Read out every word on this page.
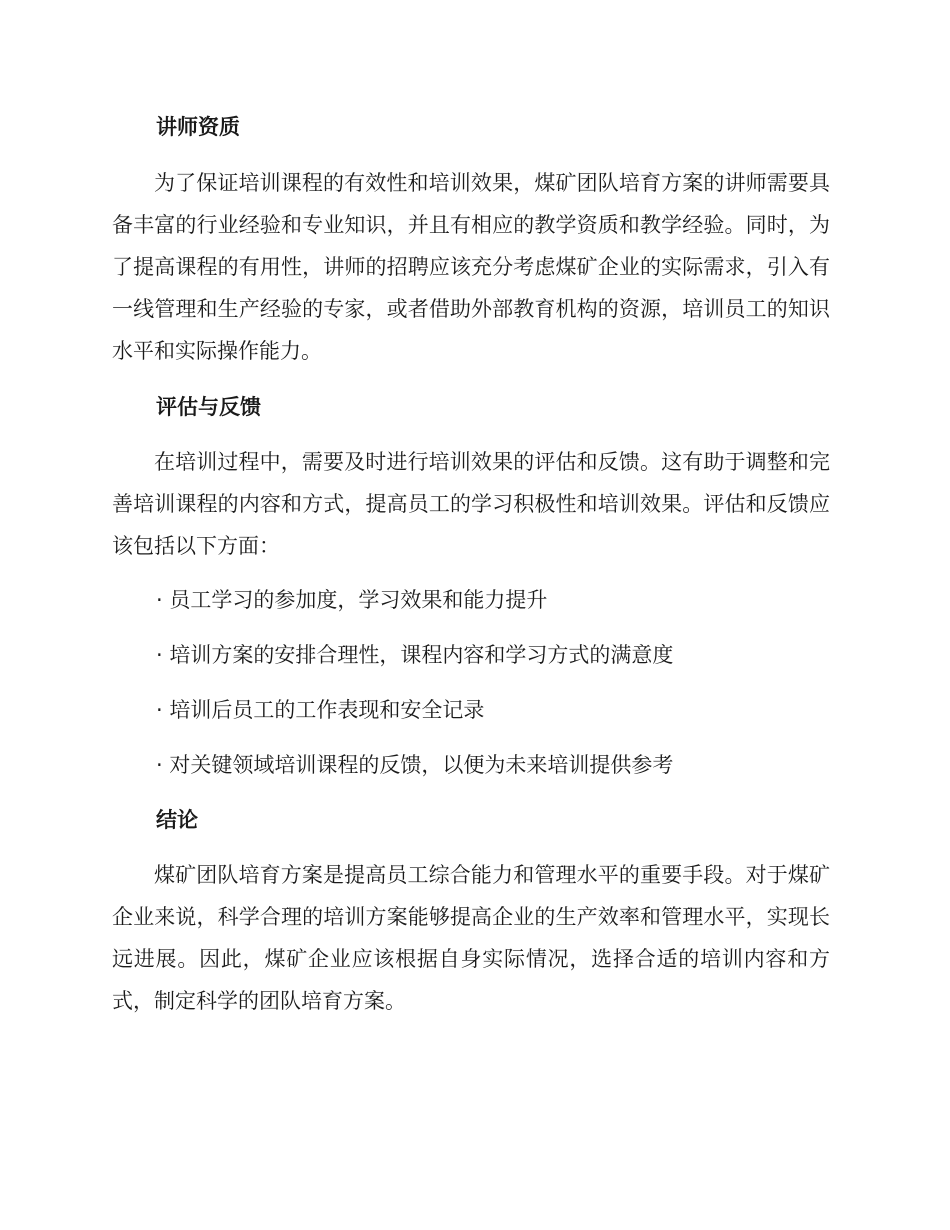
讲师资质
为了保证培训课程的有效性和培训效果，煤矿团队培育方案的讲师需要具备丰富的行业经验和专业知识，并且有相应的教学资质和教学经验。同时，为了提高课程的有用性，讲师的招聘应该充分考虑煤矿企业的实际需求，引入有一线管理和生产经验的专家，或者借助外部教育机构的资源，培训员工的知识水平和实际操作能力。
评估与反馈
在培训过程中，需要及时进行培训效果的评估和反馈。这有助于调整和完善培训课程的内容和方式，提高员工的学习积极性和培训效果。评估和反馈应该包括以下方面：
· 员工学习的参加度，学习效果和能力提升
· 培训方案的安排合理性，课程内容和学习方式的满意度
· 培训后员工的工作表现和安全记录
· 对关键领域培训课程的反馈，以便为未来培训提供参考
结论
煤矿团队培育方案是提高员工综合能力和管理水平的重要手段。对于煤矿企业来说，科学合理的培训方案能够提高企业的生产效率和管理水平，实现长远进展。因此，煤矿企业应该根据自身实际情况，选择合适的培训内容和方式，制定科学的团队培育方案。
